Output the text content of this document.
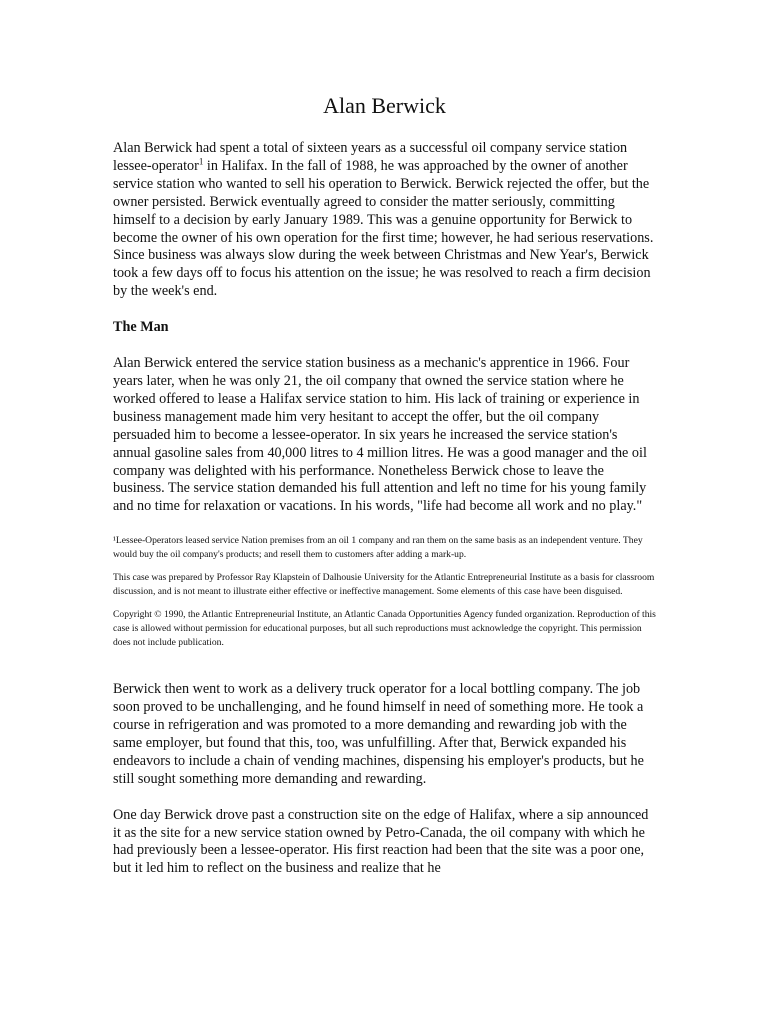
Alan Berwick

Alan Berwick had spent a total of sixteen years as a successful oil company service station lessee-operator$^1$ in Halifax. In the fall of 1988, he was approached by the owner of another service station who wanted to sell his operation to Berwick. Berwick rejected the offer, but the owner persisted. Berwick eventually agreed to consider the matter seriously, committing himself to a decision by early January 1989. This was a genuine opportunity for Berwick to become the owner of his own operation for the first time; however, he had serious reservations. Since business was always slow during the week between Christmas and New Year's, Berwick took a few days off to focus his attention on the issue; he was resolved to reach a firm decision by the week's end.

The Man

Alan Berwick entered the service station business as a mechanic's apprentice in 1966. Four years later, when he was only 21, the oil company that owned the service station where he worked offered to lease a Halifax service station to him. His lack of training or experience in business management made him very hesitant to accept the offer, but the oil company persuaded him to become a lessee-operator. In six years he increased the service station's annual gasoline sales from 40,000 litres to 4 million litres. He was a good manager and the oil company was delighted with his performance. Nonetheless Berwick chose to leave the business. The service station demanded his full attention and left no time for his young family and no time for relaxation or vacations. In his words, "life had become all work and no play."

¹Lessee-Operators leased service Nation premises from an oil 1 company and ran them on the same basis as an independent venture. They would buy the oil company's products; and resell them to customers after adding a mark-up.

This case was prepared by Professor Ray Klapstein of Dalhousie University for the Atlantic Entrepreneurial Institute as a basis for classroom discussion, and is not meant to illustrate either effective or ineffective management. Some elements of this case have been disguised.

Copyright © 1990, the Atlantic Entrepreneurial Institute, an Atlantic Canada Opportunities Agency funded organization. Reproduction of this case is allowed without permission for educational purposes, but all such reproductions must acknowledge the copyright. This permission does not include publication.

Berwick then went to work as a delivery truck operator for a local bottling company. The job soon proved to be unchallenging, and he found himself in need of something more. He took a course in refrigeration and was promoted to a more demanding and rewarding job with the same employer, but found that this, too, was unfulfilling. After that, Berwick expanded his endeavors to include a chain of vending machines, dispensing his employer's products, but he still sought something more demanding and rewarding.

One day Berwick drove past a construction site on the edge of Halifax, where a sip announced it as the site for a new service station owned by Petro-Canada, the oil company with which he had previously been a lessee-operator. His first reaction had been that the site was a poor one, but it led him to reflect on the business and realize that he
